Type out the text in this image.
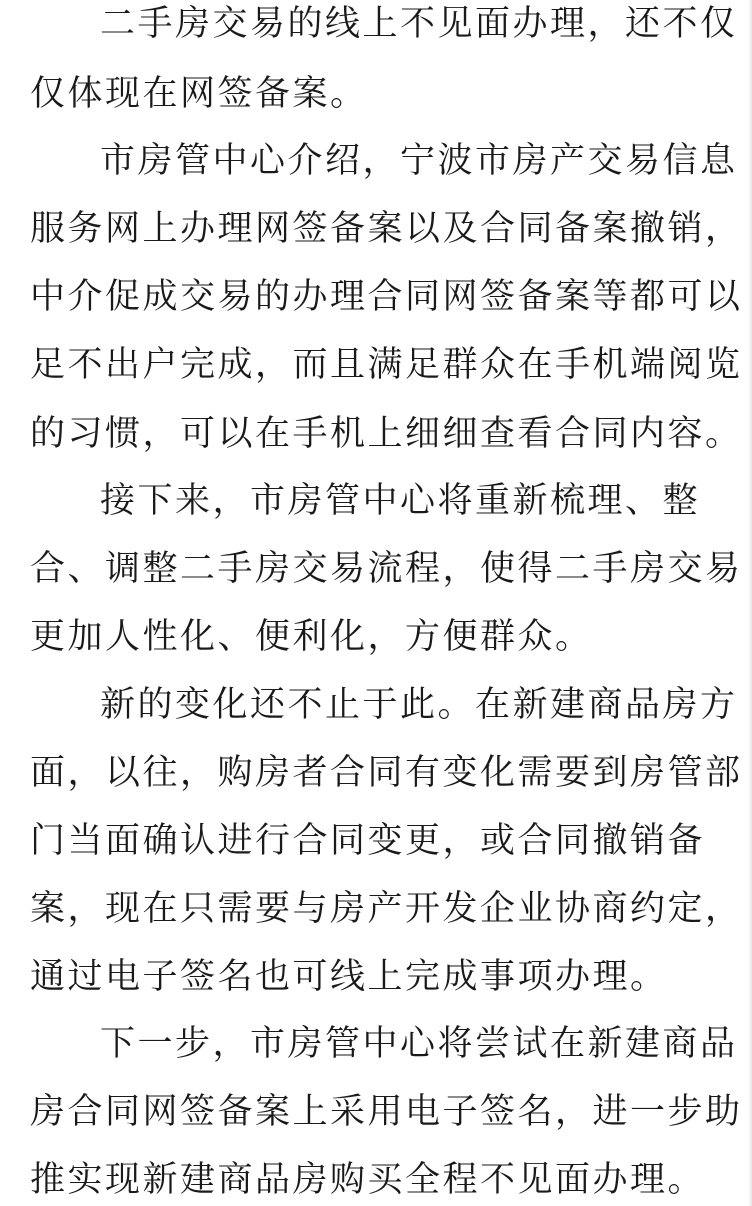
二手房交易的线上不见面办理，还不仅
仅体现在网签备案。
市房管中心介绍，宁波市房产交易信息
服务网上办理网签备案以及合同备案撤销，
中介促成交易的办理合同网签备案等都可以
足不出户完成，而且满足群众在手机端阅览
的习惯，可以在手机上细细查看合同内容。
接下来，市房管中心将重新梳理、整
合、调整二手房交易流程，使得二手房交易
更加人性化、便利化，方便群众。
新的变化还不止于此。在新建商品房方
面，以往，购房者合同有变化需要到房管部
门当面确认进行合同变更，或合同撤销备
案，现在只需要与房产开发企业协商约定，
通过电子签名也可线上完成事项办理。
下一步，市房管中心将尝试在新建商品
房合同网签备案上采用电子签名，进一步助
推实现新建商品房购买全程不见面办理。
